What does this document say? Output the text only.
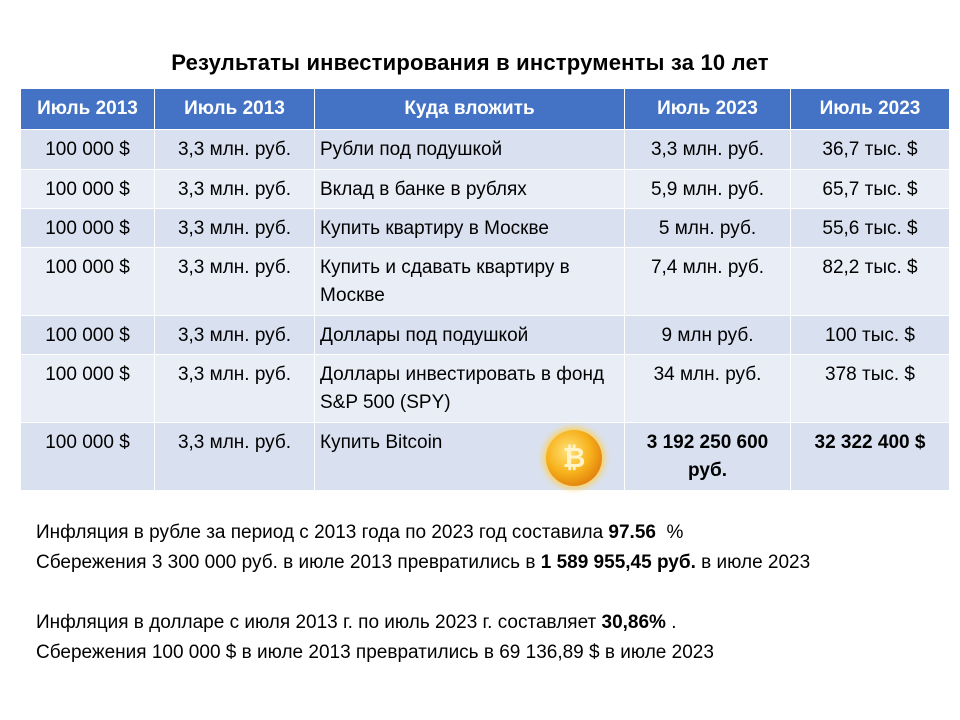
Результаты инвестирования в инструменты за 10 лет
Июль 2013	Июль 2013	Куда вложить	Июль 2023	Июль 2023
100 000 $	3,3 млн. руб.	Рубли под подушкой	3,3 млн. руб.	36,7 тыс. $
100 000 $	3,3 млн. руб.	Вклад в банке в рублях	5,9 млн. руб.	65,7 тыс. $
100 000 $	3,3 млн. руб.	Купить квартиру в Москве	5 млн. руб.	55,6 тыс. $
100 000 $	3,3 млн. руб.	Купить и сдавать квартиру в Москве	7,4 млн. руб.	82,2 тыс. $
100 000 $	3,3 млн. руб.	Доллары под подушкой	9 млн руб.	100 тыс. $
100 000 $	3,3 млн. руб.	Доллары инвестировать в фонд S&P 500 (SPY)	34 млн. руб.	378 тыс. $
100 000 $	3,3 млн. руб.	Купить Bitcoin ₿	3 192 250 600 руб.	32 322 400 $

Инфляция в рубле за период с 2013 года по 2023 год составила 97.56  %

Сбережения 3 300 000 руб. в июле 2013 превратились в 1 589 955,45 руб. в июле 2023

Инфляция в долларе с июля 2013 г. по июль 2023 г. составляет 30,86% .

Сбережения 100 000 $ в июле 2013 превратились в 69 136,89 $ в июле 2023
